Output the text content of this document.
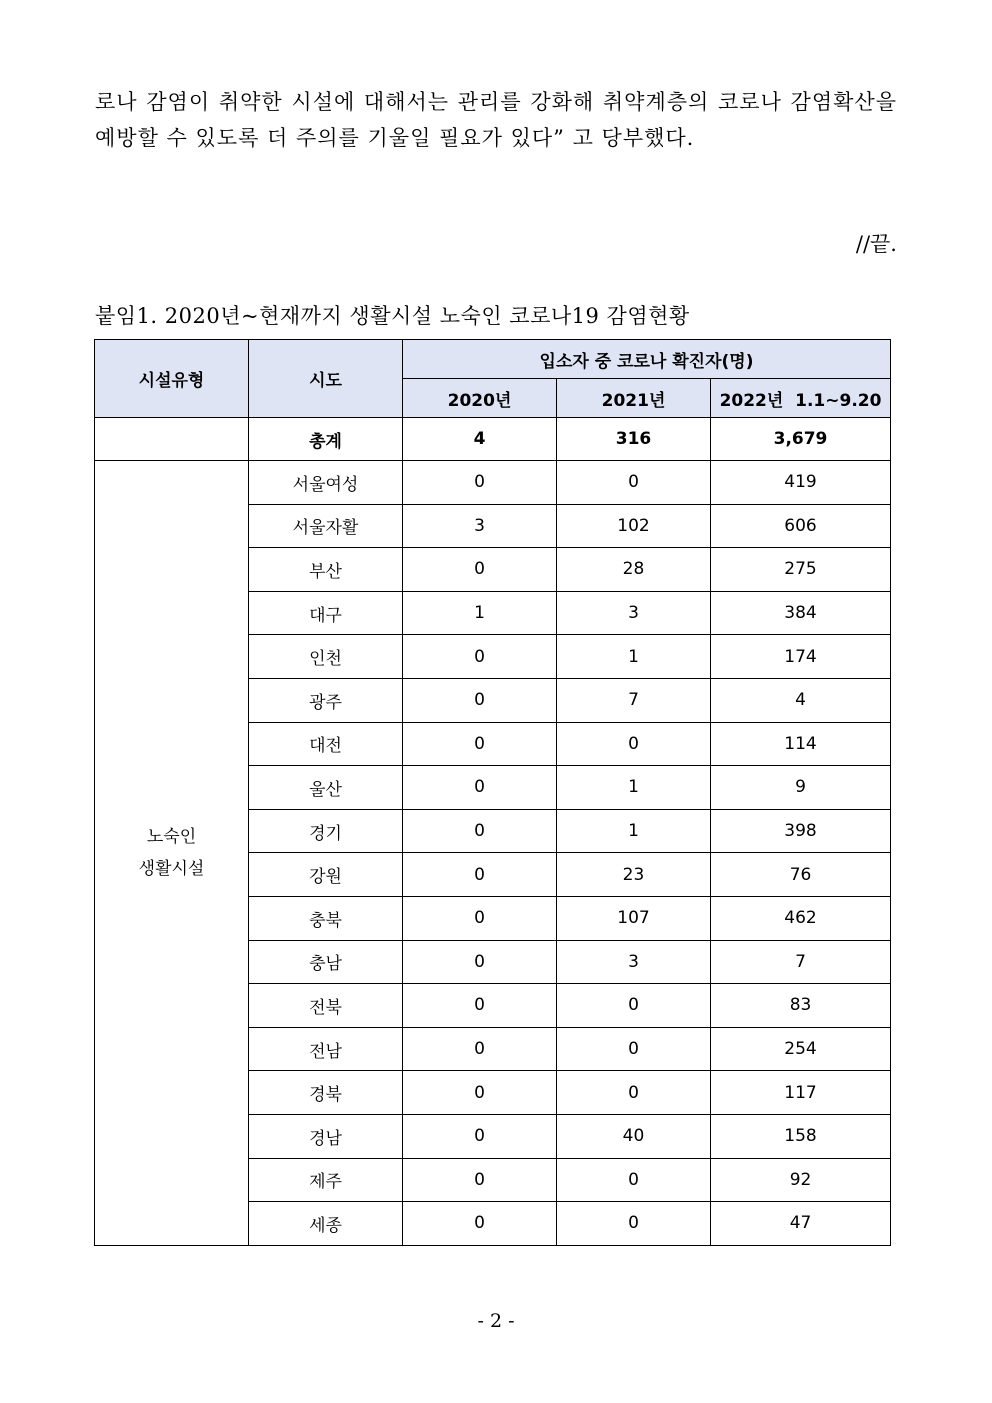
로나 감염이 취약한 시설에 대해서는 관리를 강화해 취약계층의 코로나 감염확산을 예방할 수 있도록 더 주의를 기울일 필요가 있다” 고 당부했다.
//끝.
붙임1. 2020년~현재까지 생활시설 노숙인 코로나19 감염현황
시설유형	시도	입소자 중 코로나 확진자(명)		
		2020년	2021년	2022년  1.1~9.20
	총계	4	316	3,679
노숙인
생활시설	서울여성	0	0	419
	서울자활	3	102	606
	부산	0	28	275
	대구	1	3	384
	인천	0	1	174
	광주	0	7	4
	대전	0	0	114
	울산	0	1	9
	경기	0	1	398
	강원	0	23	76
	충북	0	107	462
	충남	0	3	7
	전북	0	0	83
	전남	0	0	254
	경북	0	0	117
	경남	0	40	158
	제주	0	0	92
	세종	0	0	47
- 2 -
